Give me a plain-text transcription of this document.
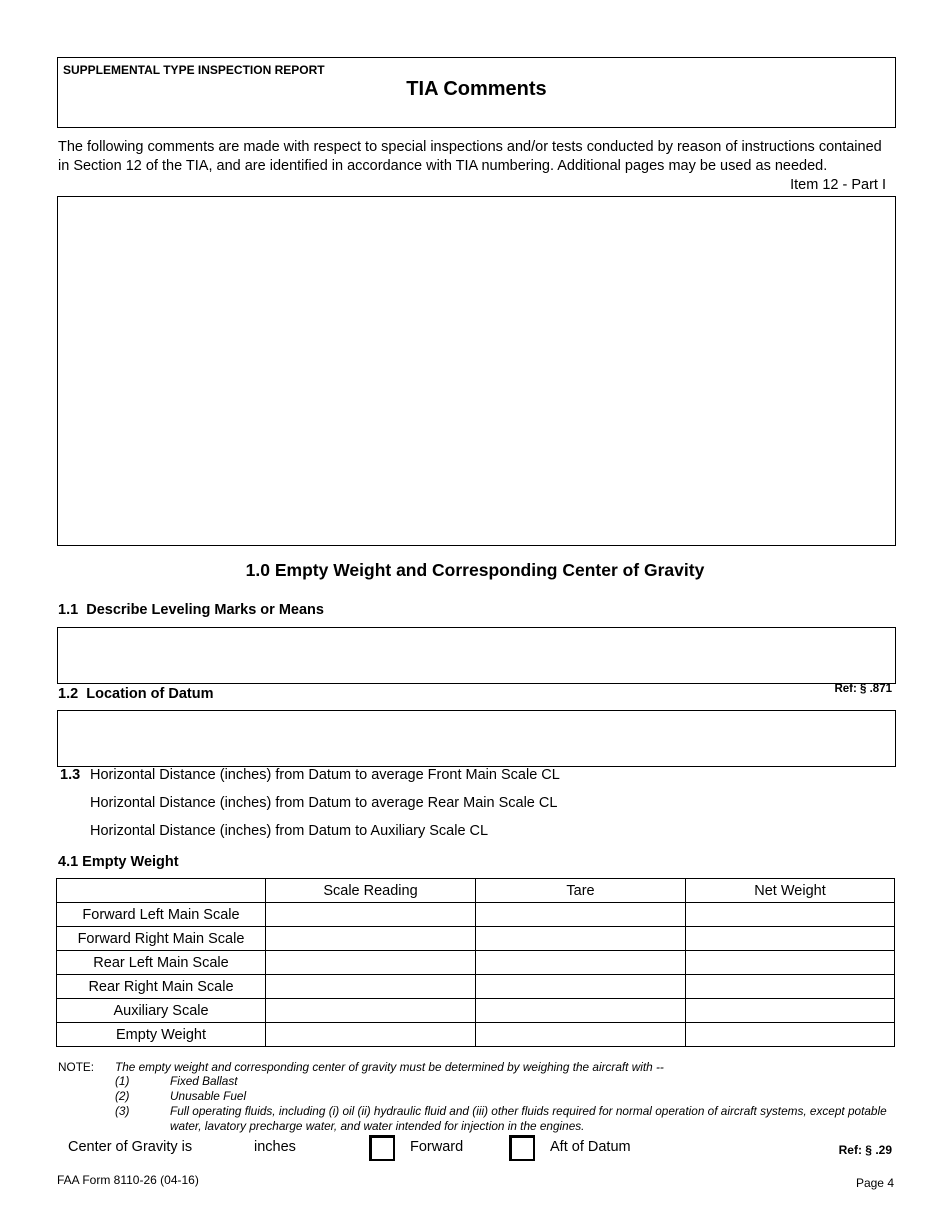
SUPPLEMENTAL TYPE INSPECTION REPORT
TIA Comments
The following comments are made with respect to special inspections and/or tests conducted by reason of instructions contained in Section 12 of the TIA, and are identified in accordance with TIA numbering. Additional pages may be used as needed.
Item 12 - Part I
1.0 Empty Weight and Corresponding Center of Gravity
1.1 Describe Leveling Marks or Means
1.2 Location of Datum	Ref: § .871
1.3 Horizontal Distance (inches) from Datum to average Front Main Scale CL
Horizontal Distance (inches) from Datum to average Rear Main Scale CL
Horizontal Distance (inches) from Datum to Auxiliary Scale CL
4.1 Empty Weight
	Scale Reading	Tare	Net Weight
Forward Left Main Scale			
Forward Right Main Scale			
Rear Left Main Scale			
Rear Right Main Scale			
Auxiliary Scale			
Empty Weight			
NOTE: The empty weight and corresponding center of gravity must be determined by weighing the aircraft with --
(1)	Fixed Ballast
(2)	Unusable Fuel
(3)	Full operating fluids, including (i) oil (ii) hydraulic fluid and (iii) other fluids required for normal operation of aircraft systems, except potable water, lavatory precharge water, and water intended for injection in the engines.
Center of Gravity is	inches	Forward	Aft of Datum	Ref: § .29
FAA Form 8110-26 (04-16)	Page 4
